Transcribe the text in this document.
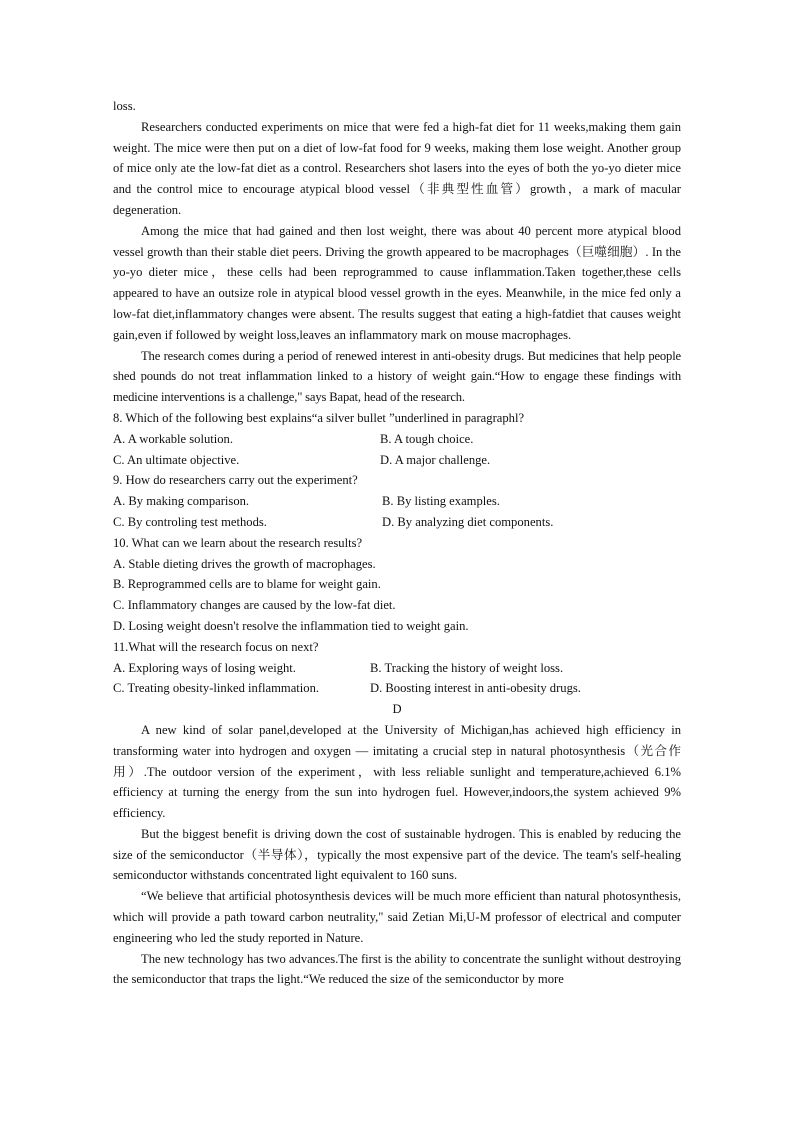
loss.

Researchers conducted experiments on mice that were fed a high-fat diet for 11 weeks,making them gain weight. The mice were then put on a diet of low-fat food for 9 weeks, making them lose weight. Another group of mice only ate the low-fat diet as a control. Researchers shot lasers into the eyes of both the yo-yo dieter mice and the control mice to encourage atypical blood vessel（非典型性血管）growth，a mark of macular degeneration.

Among the mice that had gained and then lost weight, there was about 40 percent more atypical blood vessel growth than their stable diet peers. Driving the growth appeared to be macrophages（巨噬细胞）. In the yo-yo dieter mice，these cells had been reprogrammed to cause inflammation.Taken together,these cells appeared to have an outsize role in atypical blood vessel growth in the eyes. Meanwhile, in the mice fed only a low-fat diet,inflammatory changes were absent. The results suggest that eating a high-fatdiet that causes weight gain,even if followed by weight loss,leaves an inflammatory mark on mouse macrophages.

The research comes during a period of renewed interest in anti-obesity drugs. But medicines that help people shed pounds do not treat inflammation linked to a history of weight gain.“How to engage these findings with medicine interventions is a challenge," says Bapat, head of the research.

8. Which of the following best explains“a silver bullet ”underlined in paragraphl?

A. A workable solution.	B. A tough choice.
C. An ultimate objective.	D. A major challenge.

9. How do researchers carry out the experiment?

A. By making comparison.	B. By listing examples.
C. By controling test methods.	D. By analyzing diet components.

10. What can we learn about the research results?

A. Stable dieting drives the growth of macrophages.

B. Reprogrammed cells are to blame for weight gain.

C. Inflammatory changes are caused by the low-fat diet.

D. Losing weight doesn't resolve the inflammation tied to weight gain.

11.What will the research focus on next?

A. Exploring ways of losing weight.	B. Tracking the history of weight loss.
C. Treating obesity-linked inflammation.	D. Boosting interest in anti-obesity drugs.

D

A new kind of solar panel,developed at the University of Michigan,has achieved high efficiency in transforming water into hydrogen and oxygen — imitating a crucial step in natural photosynthesis（光合作用）.The outdoor version of the experiment，with less reliable sunlight and temperature,achieved 6.1% efficiency at turning the energy from the sun into hydrogen fuel. However,indoors,the system achieved 9% efficiency.

But the biggest benefit is driving down the cost of sustainable hydrogen. This is enabled by reducing the size of the semiconductor（半导体），typically the most expensive part of the device. The team's self-healing semiconductor withstands concentrated light equivalent to 160 suns.

“We believe that artificial photosynthesis devices will be much more efficient than natural photosynthesis, which will provide a path toward carbon neutrality," said Zetian Mi,U-M professor of electrical and computer engineering who led the study reported in Nature.

The new technology has two advances.The first is the ability to concentrate the sunlight without destroying the semiconductor that traps the light.“We reduced the size of the semiconductor by more
